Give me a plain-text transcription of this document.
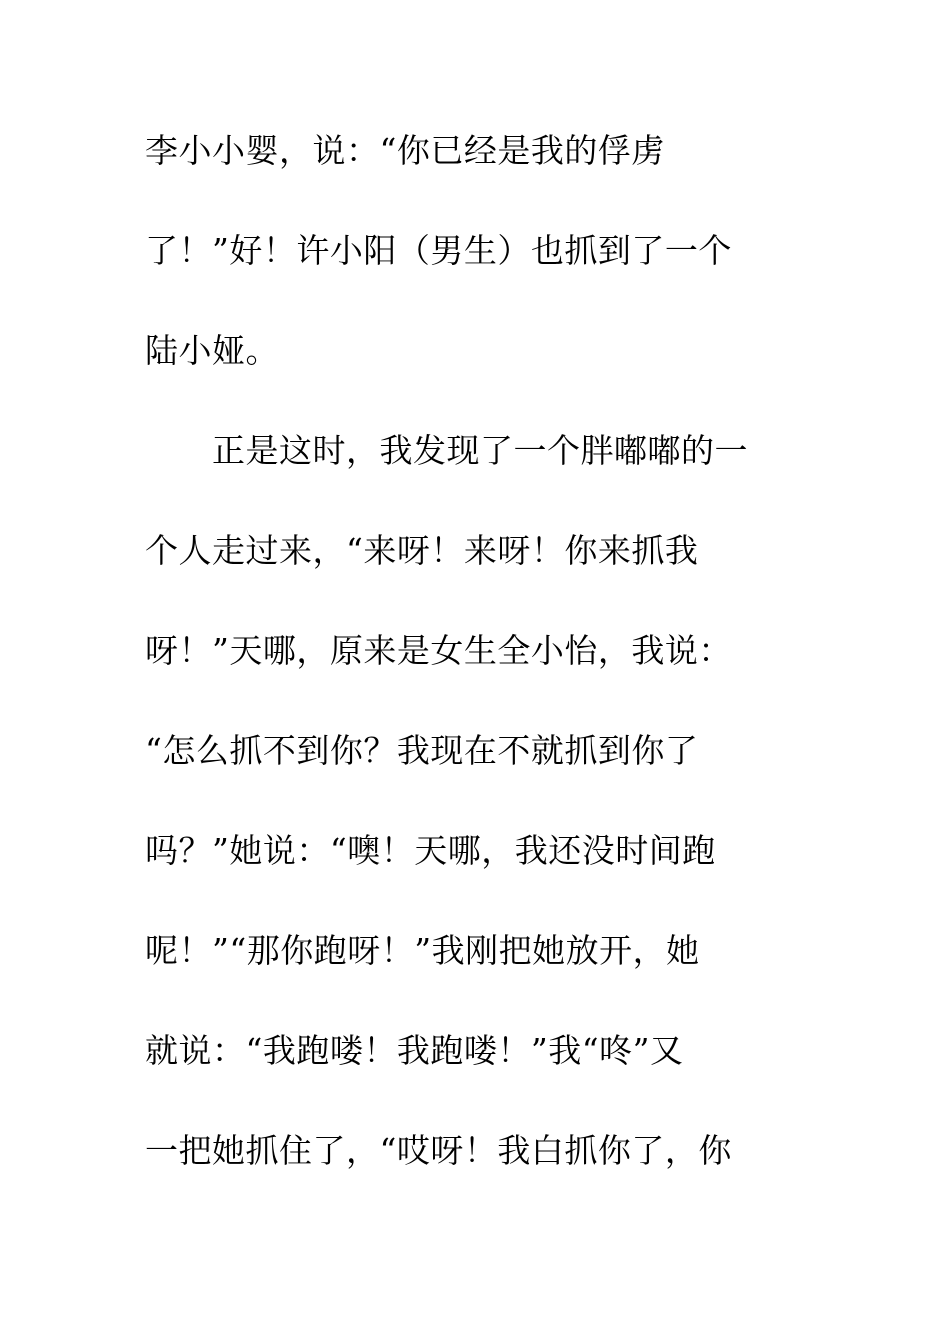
李小小婴，说：“你已经是我的俘虏
了！”好！许小阳（男生）也抓到了一个
陆小娅。
　　正是这时，我发现了一个胖嘟嘟的一
个人走过来，“来呀！来呀！你来抓我
呀！”天哪，原来是女生全小怡，我说：
“怎么抓不到你？我现在不就抓到你了
吗？”她说：“噢！天哪，我还没时间跑
呢！”“那你跑呀！”我刚把她放开，她
就说：“我跑喽！我跑喽！”我“咚”又
一把她抓住了，“哎呀！我白抓你了，你
